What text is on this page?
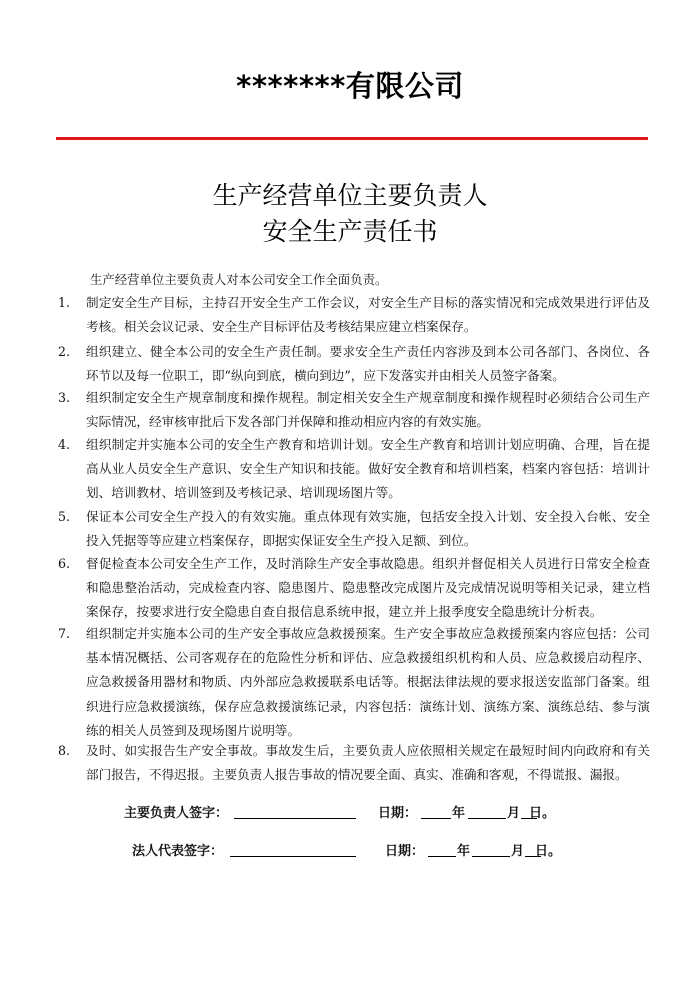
*******有限公司
生产经营单位主要负责人
安全生产责任书
生产经营单位主要负责人对本公司安全工作全面负责。
1. 制定安全生产目标，主持召开安全生产工作会议，对安全生产目标的落实情况和完成效果进行评估及考核。相关会议记录、安全生产目标评估及考核结果应建立档案保存。
2. 组织建立、健全本公司的安全生产责任制。要求安全生产责任内容涉及到本公司各部门、各岗位、各环节以及每一位职工，即“纵向到底，横向到边”，应下发落实并由相关人员签字备案。
3. 组织制定安全生产规章制度和操作规程。制定相关安全生产规章制度和操作规程时必须结合公司生产实际情况，经审核审批后下发各部门并保障和推动相应内容的有效实施。
4. 组织制定并实施本公司的安全生产教育和培训计划。安全生产教育和培训计划应明确、合理，旨在提高从业人员安全生产意识、安全生产知识和技能。做好安全教育和培训档案，档案内容包括：培训计划、培训教材、培训签到及考核记录、培训现场图片等。
5. 保证本公司安全生产投入的有效实施。重点体现有效实施，包括安全投入计划、安全投入台帐、安全投入凭据等等应建立档案保存，即据实保证安全生产投入足额、到位。
6. 督促检查本公司安全生产工作，及时消除生产安全事故隐患。组织并督促相关人员进行日常安全检查和隐患整治活动，完成检查内容、隐患图片、隐患整改完成图片及完成情况说明等相关记录，建立档案保存，按要求进行安全隐患自查自报信息系统申报，建立并上报季度安全隐患统计分析表。
7. 组织制定并实施本公司的生产安全事故应急救援预案。生产安全事故应急救援预案内容应包括：公司基本情况概括、公司客观存在的危险性分析和评估、应急救援组织机构和人员、应急救援启动程序、应急救援备用器材和物质、内外部应急救援联系电话等。根据法律法规的要求报送安监部门备案。组织进行应急救援演练，保存应急救援演练记录，内容包括：演练计划、演练方案、演练总结、参与演练的相关人员签到及现场图片说明等。
8. 及时、如实报告生产安全事故。事故发生后，主要负责人应依照相关规定在最短时间内向政府和有关部门报告，不得迟报。主要负责人报告事故的情况要全面、真实、准确和客观，不得谎报、漏报。
主要负责人签字：	日期：	年	月 日。
法人代表签字：	日期：	年	月 日。
